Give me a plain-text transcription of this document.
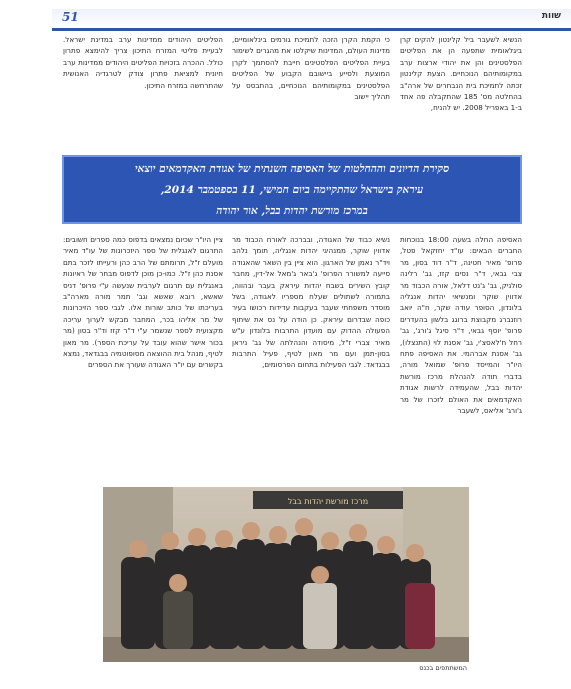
51	שוות

הנשיא לשעבר ביל קלינטון להקים קרן ביגלאומית שתפעה הן את הפליטים הפלסטינים והן את יהודי ארצות ערב במקומותיהם הנוכחיים. הצעת קלינטון זכתה לתמיכת בית הנבחרים של ארה"ב בהחלטה מס' 185 שהתקבלה פה אחד ב-1 באפריל 2008. יש להניח,

כי הקמת הקרן הזכה לתמיכת גורמים בינלאומיים, מדינות העולם, המדינות שיקלטו את מהגרים לשימור בעיית הפליטים הפלסטינים חייבת להסתמך לקרן המוצעת ולסייע ביישובם הקבוע של הפליטים הפלסטינים במקומותיהם הנוכחיים, בהתבסס על תהליך יישוב

הפליטים היהודים ממדינות ערב במדינת ישראל. לבעיית פליטי המזרח התיכון צריך להימצא פתרון כולל. ההכרה בזכויות הפליטים היהודים ממדינות ערב חיונית למציאת פתרון צודק לטרגדיה האנושית שהתרחשה במזרח התיכון.

סקירת הדיונים וההחלטות של האסיפה השנתית של אגודת האקדמאים יוצאי
עיראק בישראל שהתקיימה ביום חמישי, 11 בספטמבר 2014,
במרכז מורשת יהדות בבל, אור יהודה

האסיפה החלה בשעה 18:00 בנוכחות החברים הבאים: עו"ד יחזקאל פטל, פרופ' מאיר חטינה, ד"ר דוד בסון, מר צבי גבאי, ד"ר נסים קזז, גב' רלינה סולניק, גב' ג'נט דלאל, אורה הכבוד מר אדווין שוקר ומנשיאי יהדות אנגליה בלונדון, הסופר עודה שקר, ח"ה יואב רוזנברג מקבוצת ברוגג בלשון בהעדרים פרופ' יוסף גבאי, ד"ר סיגל ג'ורג', גב' רחל ח'לאסצ'י, גב' אסנת לוי (התנצלו), גב' אסנת אברהמי. את האסיפה פתח היו"ר והמייסד פרופ' שמואל מורה, בדברי תודה להנהלת מרכז מורשת יהדות בבל, שהעמידה לרשות אגודת האקדמאים את האולם לזכרו של מר ג'ורג' אליאס, לשעבר

נשיא כבוד של האגודה, ובברכה לאורח הכבוד מר אדווין שוקר, ממנהיגי יהדות אנגליה, תומך נלהב ויד"ר נאמן של הארגון. הוא ציין בין השאר שהאגודה סייעה למשורר הפרופ' ג'באר ג'מאל אל-דין, מחבר קובץ השירים בשבח יהדות עיראק בעבר ובהווה, בתמורה לשתולים שעלח מספריו לאגודה, בשל מוסדר משפחתי שעבר בעקבות עדידות רכושו בעיר כופה שבדרום עיראק. כן הודה על נס את שיתוף הפעולה ההדוק עם מועדון התרבות בלונדון ע"ש מאיר צברי ז"ל, מיסודה והנהלתה של גב' ניראן בסון-תמן ועם מר מאון לטיף, פעיל התרבות בבגדאד. לגבי הפעילות בתחום הפרסומים,

ציין היו"ר שכיום נמצאים בדפוס כמה ספרים חשובים: התרגום לאנגלית של ספר היזכרונות של עו"ד מאיר מועלם ז"ל, תרומתם של הרב כהן ורעייתו לזכר בתם אסנת כהן ז"ל. כמו-כן מוכן לדפוס מבחר של ראיונות באנגלית עם תרגום לערבית שנעשה ע"י פרופ' דניס שאשא, רובא שאשא וגב' תמר מורה מארה"ב בעריכתו של כותב שורות אלו. לגבי ספר הזיכרונות של מר אליהו בכר, המחבר מבקש לערוך עריכה מקצועית לספר שנשמר ע"י ד"ר קזז וד"ר בסון (מר בכור אישר שהוא עובד על עריכת הספר). מר מאון לטיף, מנהל בית ההוצאה מסופוטמיה בבגדאד, נמצא בקשרים עם יו"ר האגודה שעורך את הספרים

מרכז מורשת יהדות בבל
המשתתפים בכנס
